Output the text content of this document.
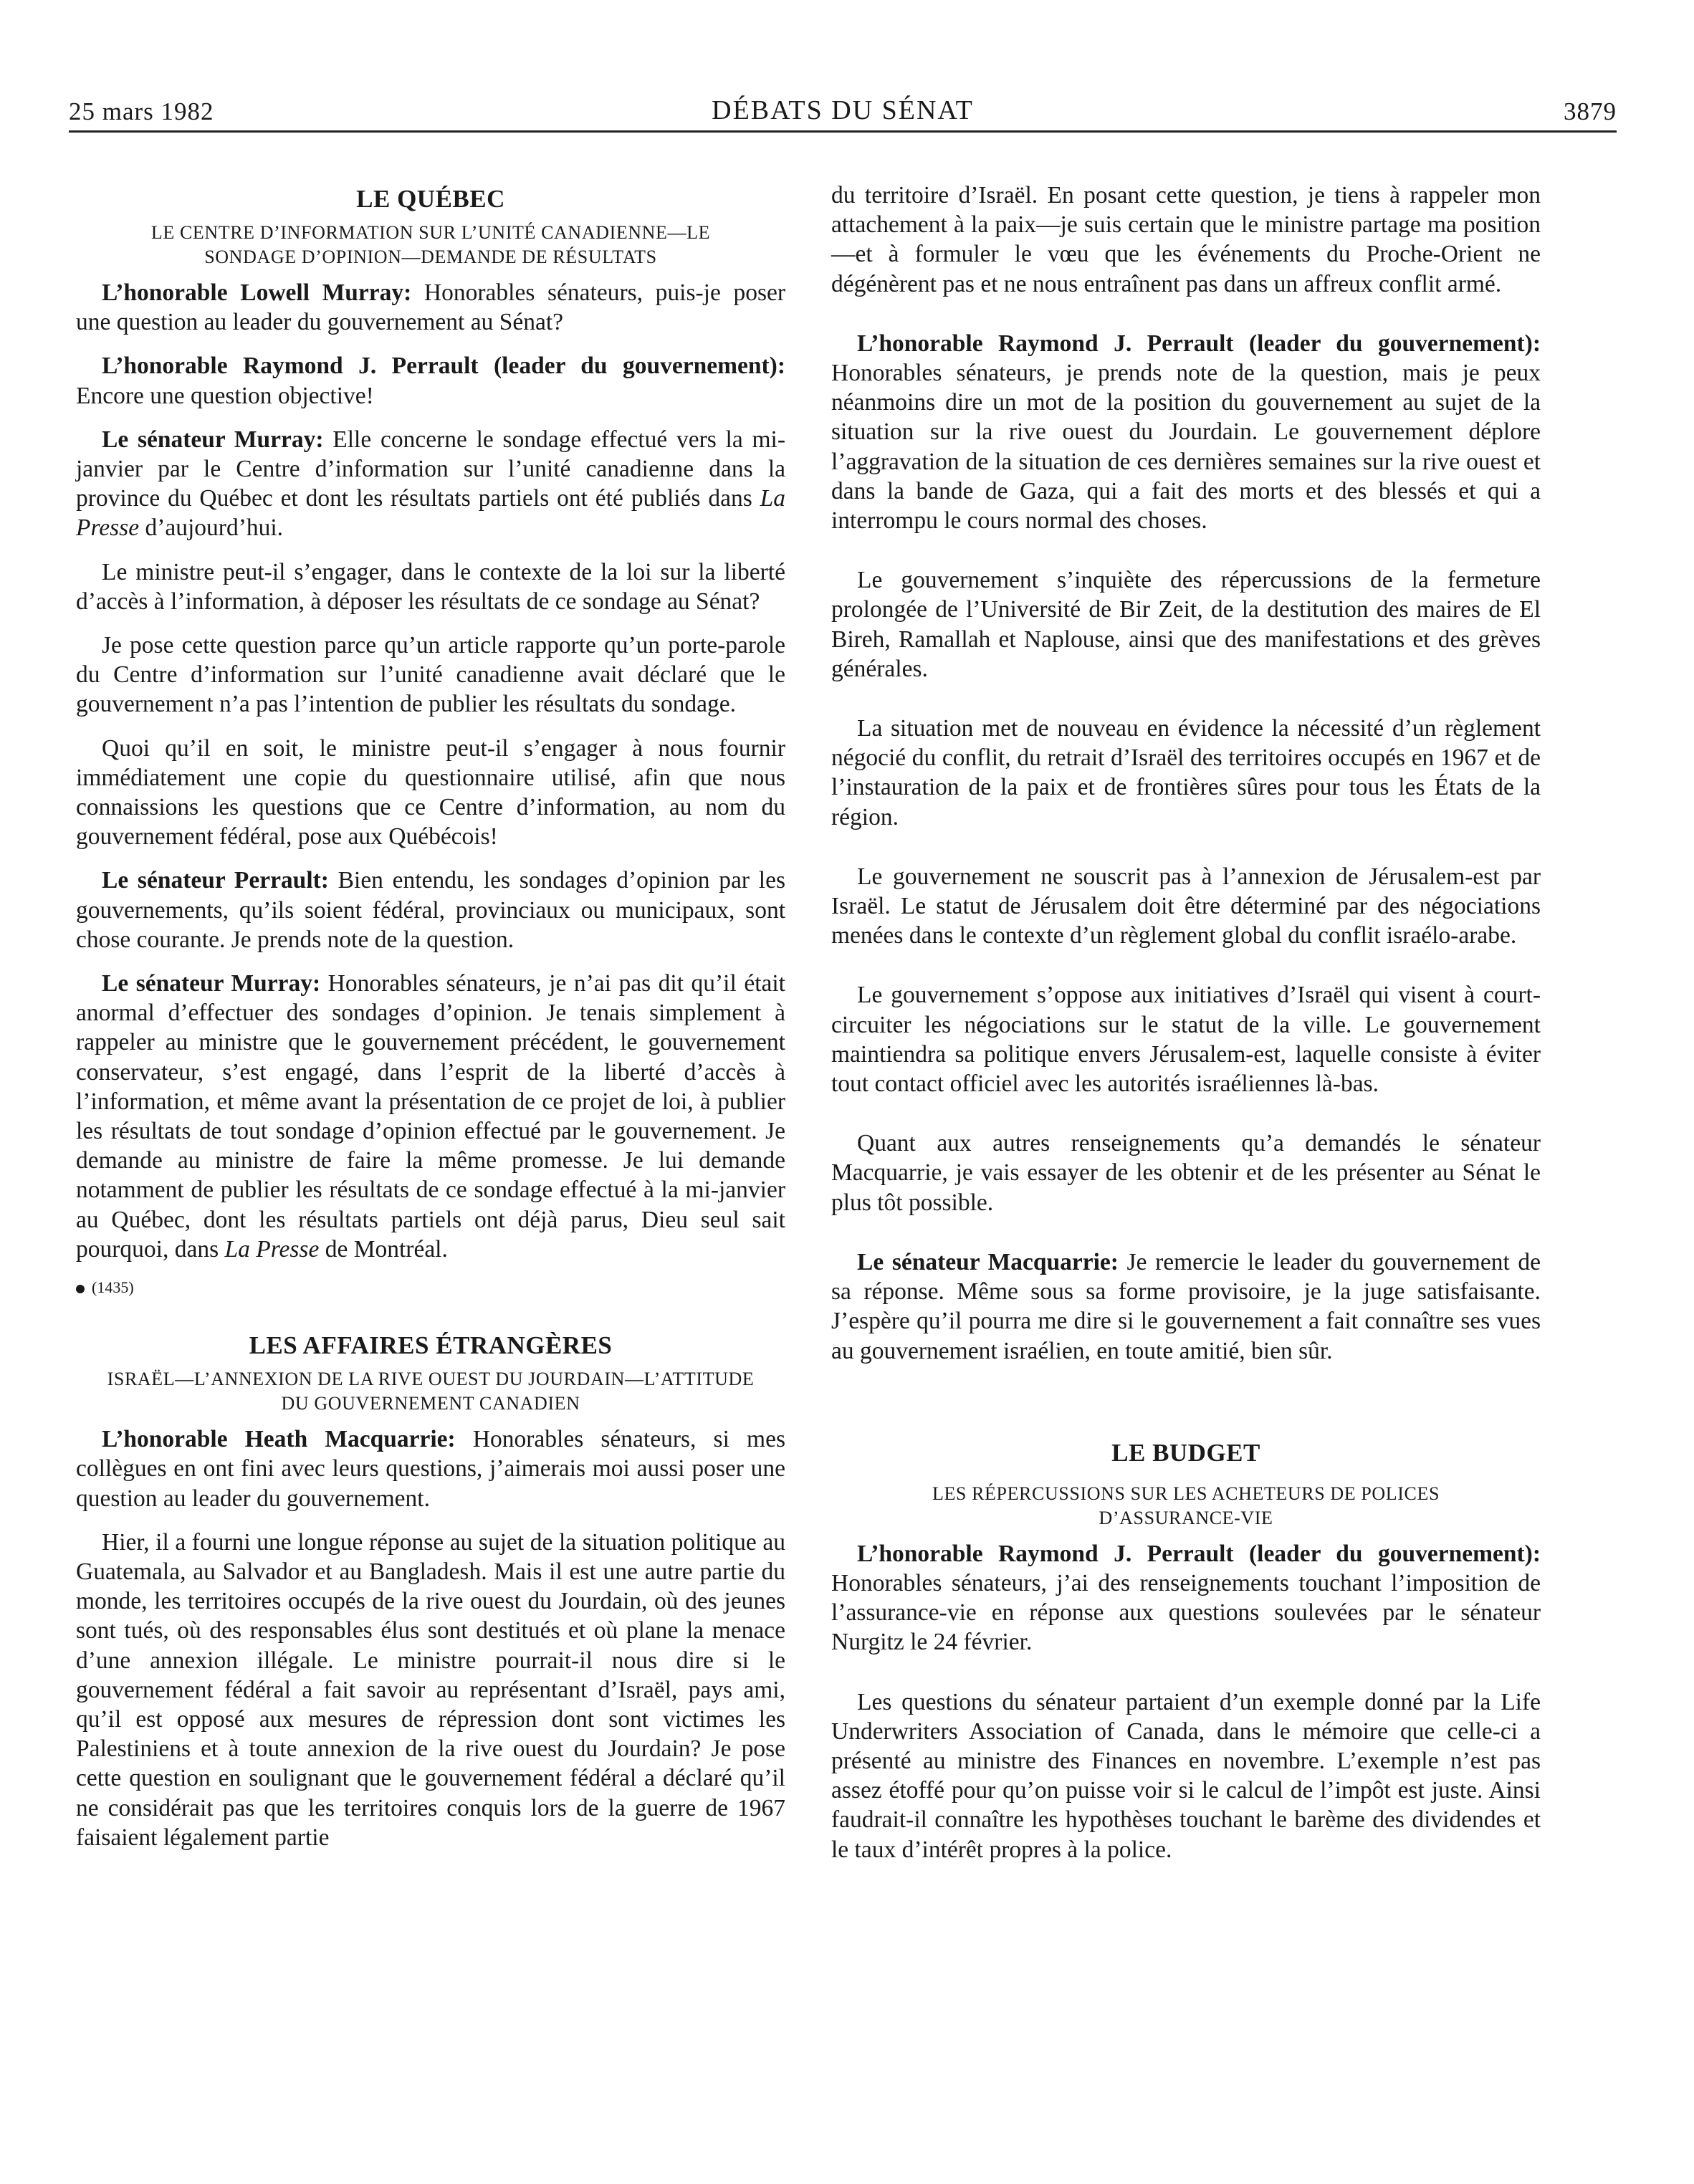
25 mars 1982	DÉBATS DU SÉNAT	3879
LE QUÉBEC
LE CENTRE D’INFORMATION SUR L’UNITÉ CANADIENNE—LE SONDAGE D’OPINION—DEMANDE DE RÉSULTATS

L’honorable Lowell Murray: Honorables sénateurs, puis-je poser une question au leader du gouvernement au Sénat?

L’honorable Raymond J. Perrault (leader du gouvernement): Encore une question objective!

Le sénateur Murray: Elle concerne le sondage effectué vers la mi-janvier par le Centre d’information sur l’unité canadienne dans la province du Québec et dont les résultats partiels ont été publiés dans La Presse d’aujourd’hui.

Le ministre peut-il s’engager, dans le contexte de la loi sur la liberté d’accès à l’information, à déposer les résultats de ce sondage au Sénat?

Je pose cette question parce qu’un article rapporte qu’un porte-parole du Centre d’information sur l’unité canadienne avait déclaré que le gouvernement n’a pas l’intention de publier les résultats du sondage.

Quoi qu’il en soit, le ministre peut-il s’engager à nous fournir immédiatement une copie du questionnaire utilisé, afin que nous connaissions les questions que ce Centre d’information, au nom du gouvernement fédéral, pose aux Québécois!

Le sénateur Perrault: Bien entendu, les sondages d’opinion par les gouvernements, qu’ils soient fédéral, provinciaux ou municipaux, sont chose courante. Je prends note de la question.

Le sénateur Murray: Honorables sénateurs, je n’ai pas dit qu’il était anormal d’effectuer des sondages d’opinion. Je tenais simplement à rappeler au ministre que le gouvernement précédent, le gouvernement conservateur, s’est engagé, dans l’esprit de la liberté d’accès à l’information, et même avant la présentation de ce projet de loi, à publier les résultats de tout sondage d’opinion effectué par le gouvernement. Je demande au ministre de faire la même promesse. Je lui demande notamment de publier les résultats de ce sondage effectué à la mi-janvier au Québec, dont les résultats partiels ont déjà parus, Dieu seul sait pourquoi, dans La Presse de Montréal.

(1435)
LES AFFAIRES ÉTRANGÈRES
ISRAËL—L’ANNEXION DE LA RIVE OUEST DU JOURDAIN—L’ATTITUDE DU GOUVERNEMENT CANADIEN

L’honorable Heath Macquarrie: Honorables sénateurs, si mes collègues en ont fini avec leurs questions, j’aimerais moi aussi poser une question au leader du gouvernement.

Hier, il a fourni une longue réponse au sujet de la situation politique au Guatemala, au Salvador et au Bangladesh. Mais il est une autre partie du monde, les territoires occupés de la rive ouest du Jourdain, où des jeunes sont tués, où des responsables élus sont destitués et où plane la menace d’une annexion illégale. Le ministre pourrait-il nous dire si le gouvernement fédéral a fait savoir au représentant d’Israël, pays ami, qu’il est opposé aux mesures de répression dont sont victimes les Palestiniens et à toute annexion de la rive ouest du Jourdain? Je pose cette question en soulignant que le gouvernement fédéral a déclaré qu’il ne considérait pas que les territoires conquis lors de la guerre de 1967 faisaient légalement partie

du territoire d’Israël. En posant cette question, je tiens à rappeler mon attachement à la paix—je suis certain que le ministre partage ma position—et à formuler le vœu que les événements du Proche-Orient ne dégénèrent pas et ne nous entraînent pas dans un affreux conflit armé.

L’honorable Raymond J. Perrault (leader du gouvernement): Honorables sénateurs, je prends note de la question, mais je peux néanmoins dire un mot de la position du gouvernement au sujet de la situation sur la rive ouest du Jourdain. Le gouvernement déplore l’aggravation de la situation de ces dernières semaines sur la rive ouest et dans la bande de Gaza, qui a fait des morts et des blessés et qui a interrompu le cours normal des choses.

Le gouvernement s’inquiète des répercussions de la fermeture prolongée de l’Université de Bir Zeit, de la destitution des maires de El Bireh, Ramallah et Naplouse, ainsi que des manifestations et des grèves générales.

La situation met de nouveau en évidence la nécessité d’un règlement négocié du conflit, du retrait d’Israël des territoires occupés en 1967 et de l’instauration de la paix et de frontières sûres pour tous les États de la région.

Le gouvernement ne souscrit pas à l’annexion de Jérusalem-est par Israël. Le statut de Jérusalem doit être déterminé par des négociations menées dans le contexte d’un règlement global du conflit israélo-arabe.

Le gouvernement s’oppose aux initiatives d’Israël qui visent à court-circuiter les négociations sur le statut de la ville. Le gouvernement maintiendra sa politique envers Jérusalem-est, laquelle consiste à éviter tout contact officiel avec les autorités israéliennes là-bas.

Quant aux autres renseignements qu’a demandés le sénateur Macquarrie, je vais essayer de les obtenir et de les présenter au Sénat le plus tôt possible.

Le sénateur Macquarrie: Je remercie le leader du gouvernement de sa réponse. Même sous sa forme provisoire, je la juge satisfaisante. J’espère qu’il pourra me dire si le gouvernement a fait connaître ses vues au gouvernement israélien, en toute amitié, bien sûr.

LE BUDGET
LES RÉPERCUSSIONS SUR LES ACHETEURS DE POLICES D’ASSURANCE-VIE

L’honorable Raymond J. Perrault (leader du gouvernement): Honorables sénateurs, j’ai des renseignements touchant l’imposition de l’assurance-vie en réponse aux questions soulevées par le sénateur Nurgitz le 24 février.

Les questions du sénateur partaient d’un exemple donné par la Life Underwriters Association of Canada, dans le mémoire que celle-ci a présenté au ministre des Finances en novembre. L’exemple n’est pas assez étoffé pour qu’on puisse voir si le calcul de l’impôt est juste. Ainsi faudrait-il connaître les hypothèses touchant le barème des dividendes et le taux d’intérêt propres à la police.
